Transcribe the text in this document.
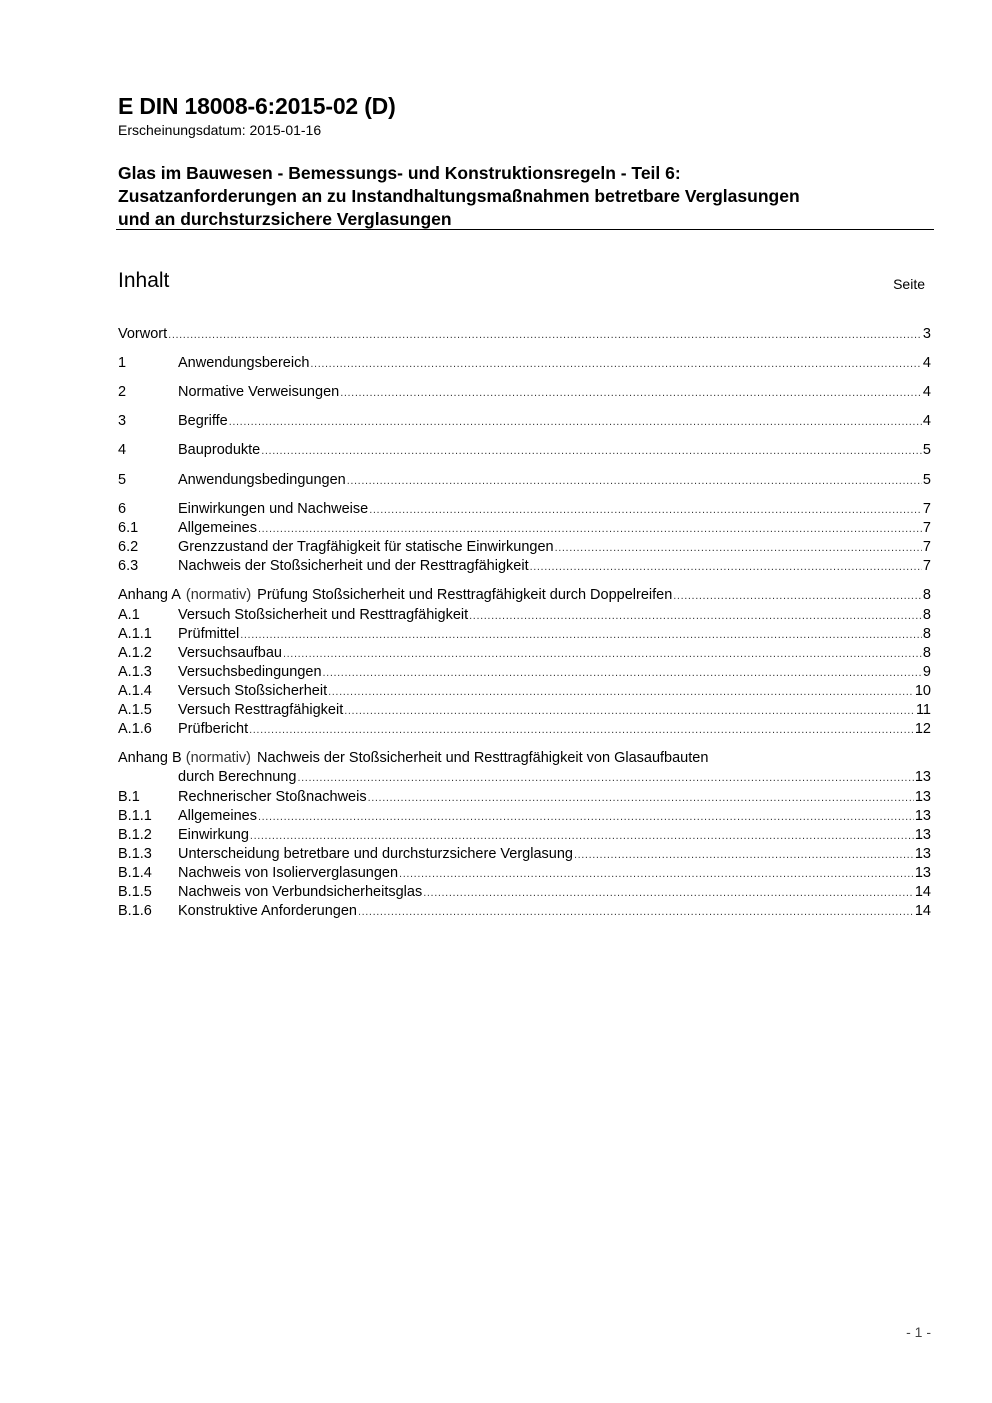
E DIN 18008-6:2015-02 (D)
Erscheinungsdatum: 2015-01-16
Glas im Bauwesen - Bemessungs- und Konstruktionsregeln - Teil 6:
Zusatzanforderungen an zu Instandhaltungsmaßnahmen betretbare Verglasungen
und an durchsturzsichere Verglasungen
Inhalt	Seite
Vorwort .....	3
1	Anwendungsbereich .....	4
2	Normative Verweisungen .....	4
3	Begriffe .....	4
4	Bauprodukte .....	5
5	Anwendungsbedingungen .....	5
6	Einwirkungen und Nachweise .....	7
6.1	Allgemeines .....	7
6.2	Grenzzustand der Tragfähigkeit für statische Einwirkungen .....	7
6.3	Nachweis der Stoßsicherheit und der Resttragfähigkeit .....	7
Anhang A (normativ) Prüfung Stoßsicherheit und Resttragfähigkeit durch Doppelreifen .....	8
A.1	Versuch Stoßsicherheit und Resttragfähigkeit .....	8
A.1.1	Prüfmittel .....	8
A.1.2	Versuchsaufbau .....	8
A.1.3	Versuchsbedingungen .....	9
A.1.4	Versuch Stoßsicherheit .....	10
A.1.5	Versuch Resttragfähigkeit .....	11
A.1.6	Prüfbericht .....	12
Anhang B (normativ) Nachweis der Stoßsicherheit und Resttragfähigkeit von Glasaufbauten
durch Berechnung .....	13
B.1	Rechnerischer Stoßnachweis .....	13
B.1.1	Allgemeines .....	13
B.1.2	Einwirkung .....	13
B.1.3	Unterscheidung betretbare und durchsturzsichere Verglasung .....	13
B.1.4	Nachweis von Isolierverglasungen .....	13
B.1.5	Nachweis von Verbundsicherheitsglas .....	14
B.1.6	Konstruktive Anforderungen .....	14
- 1 -
